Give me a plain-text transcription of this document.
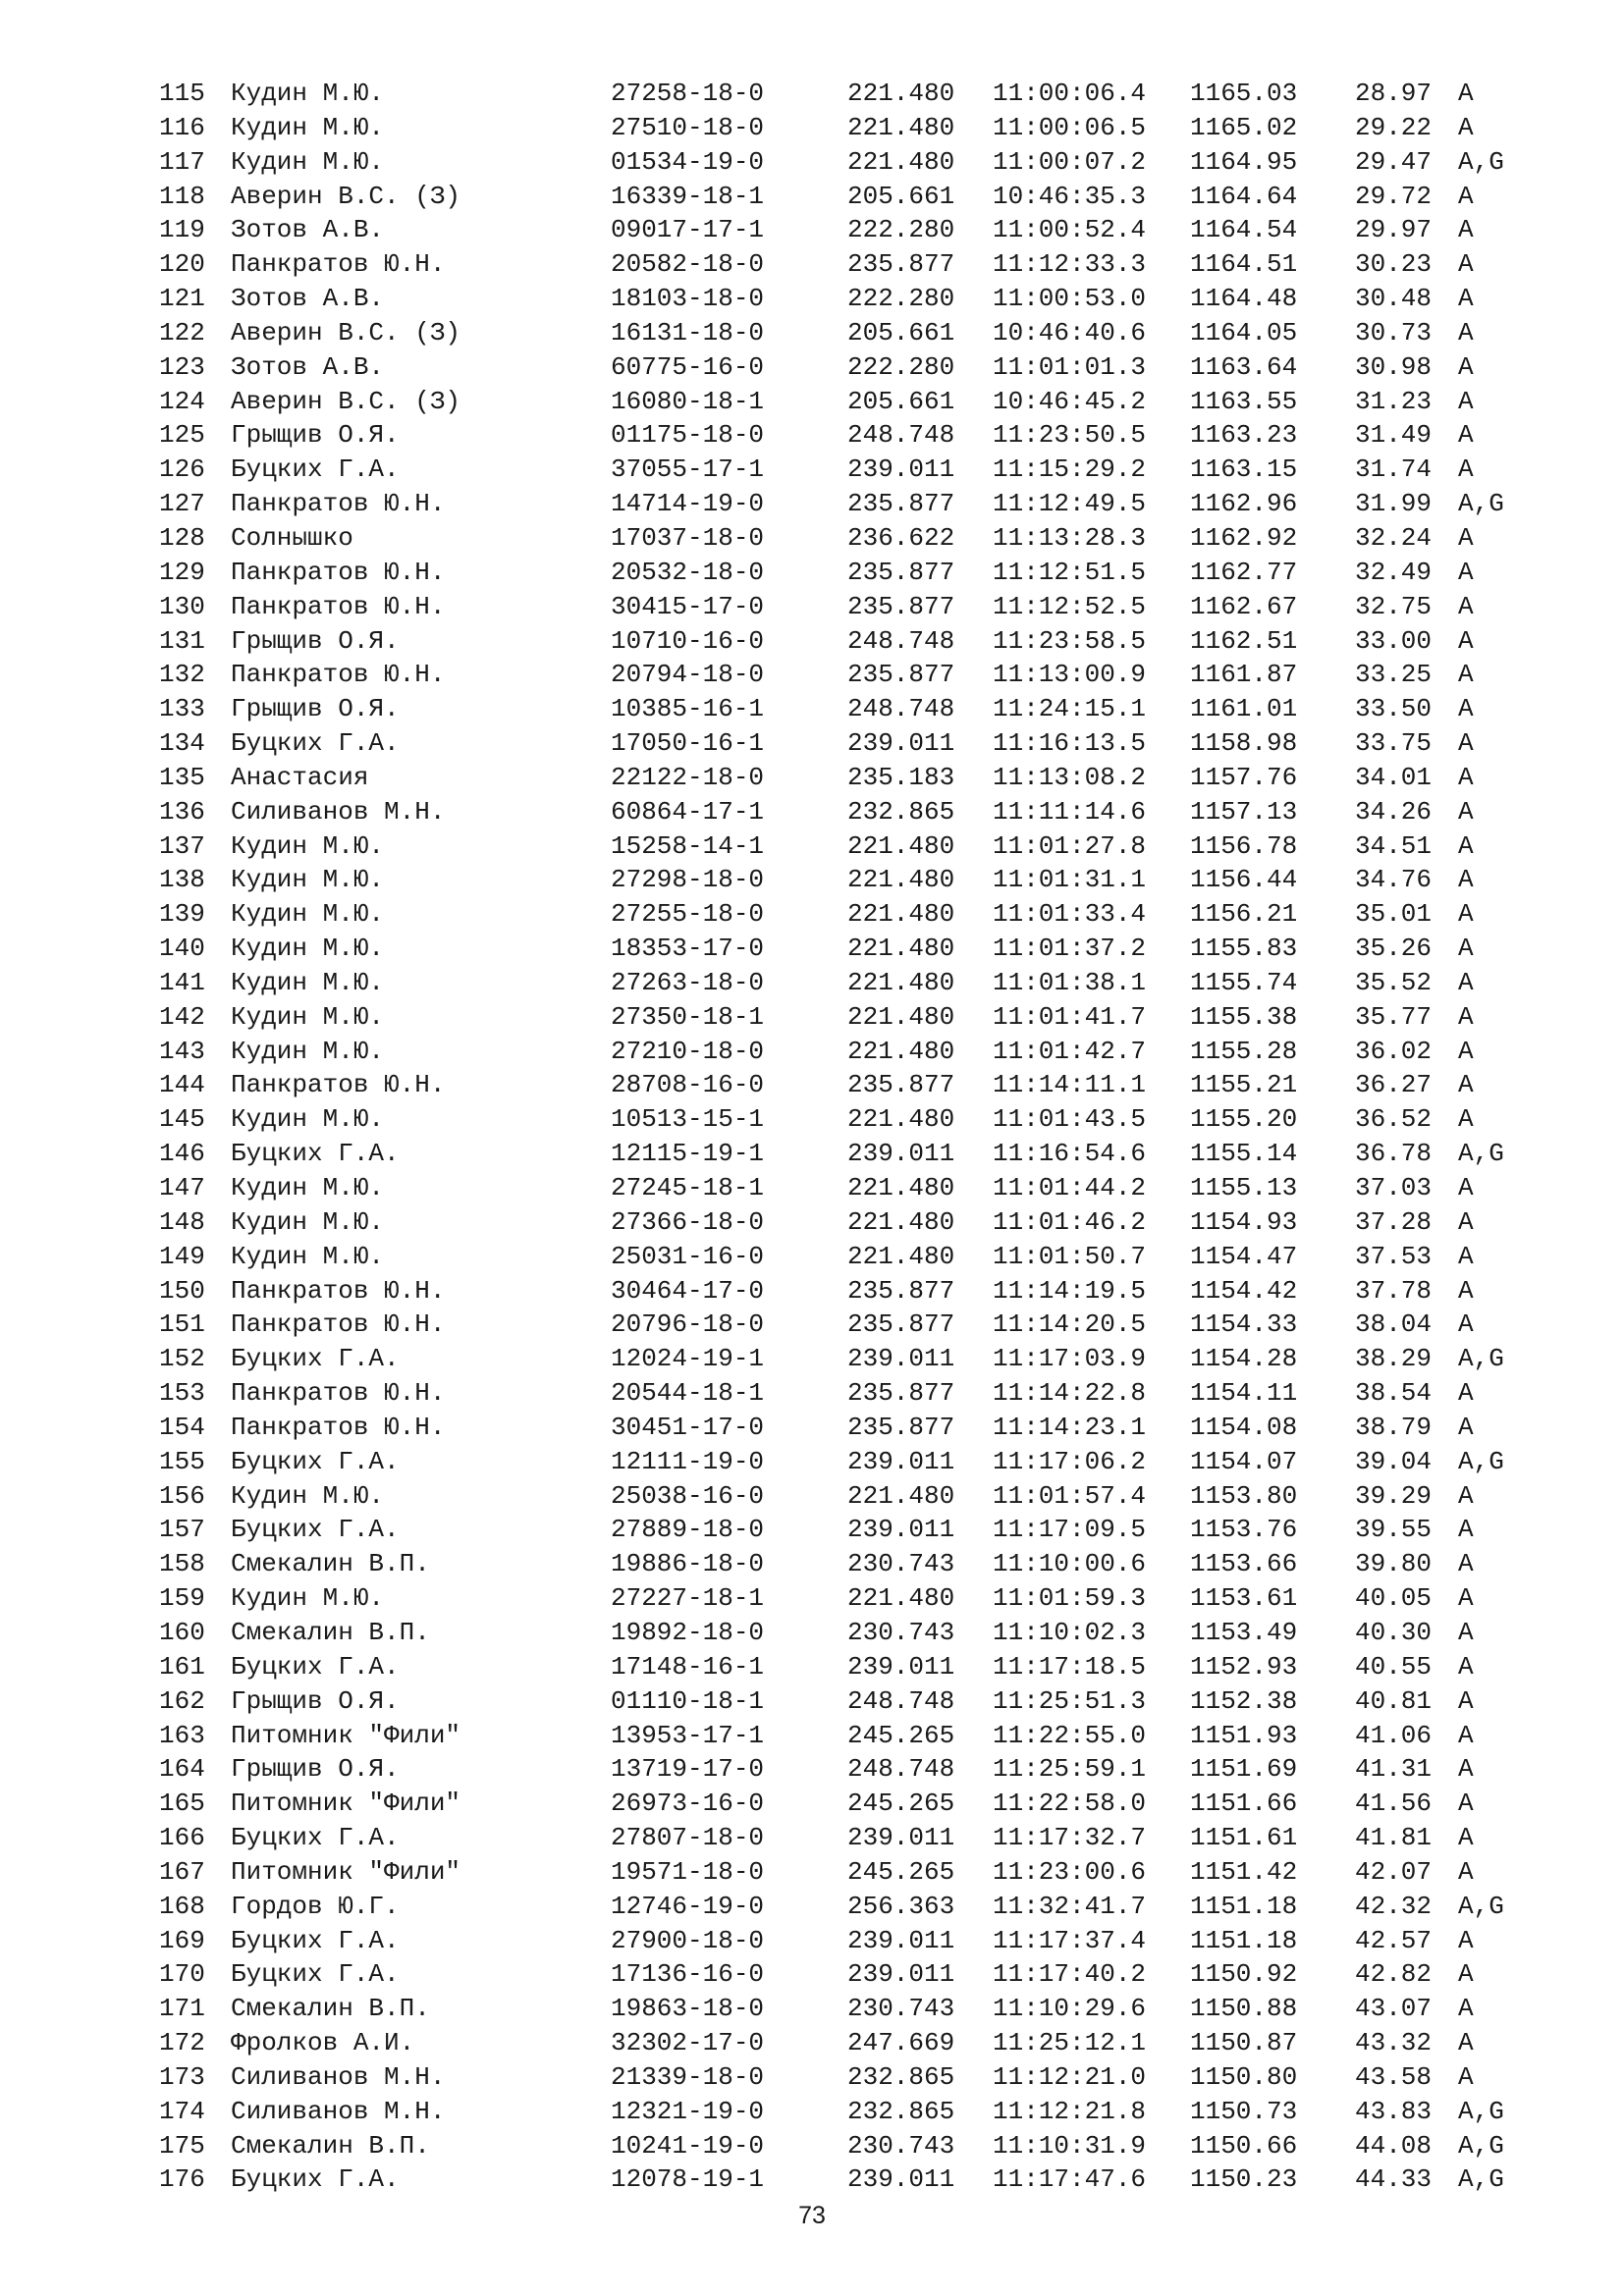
115 Кудин М.Ю.	27258-18-0	221.480 11:00:06.4 1165.03 28.97 A
116 Кудин М.Ю.	27510-18-0	221.480 11:00:06.5 1165.02 29.22 A
117 Кудин М.Ю.	01534-19-0	221.480 11:00:07.2 1164.95 29.47 A,G
118 Аверин В.С. (З)	16339-18-1	205.661 10:46:35.3 1164.64 29.72 A
119 Зотов А.В.	09017-17-1	222.280 11:00:52.4 1164.54 29.97 A
120 Панкратов Ю.Н.	20582-18-0	235.877 11:12:33.3 1164.51 30.23 A
121 Зотов А.В.	18103-18-0	222.280 11:00:53.0 1164.48 30.48 A
122 Аверин В.С. (З)	16131-18-0	205.661 10:46:40.6 1164.05 30.73 A
123 Зотов А.В.	60775-16-0	222.280 11:01:01.3 1163.64 30.98 A
124 Аверин В.С. (З)	16080-18-1	205.661 10:46:45.2 1163.55 31.23 A
125 Грыщив О.Я.	01175-18-0	248.748 11:23:50.5 1163.23 31.49 A
126 Буцких Г.А.	37055-17-1	239.011 11:15:29.2 1163.15 31.74 A
127 Панкратов Ю.Н.	14714-19-0	235.877 11:12:49.5 1162.96 31.99 A,G
128 Солнышко	17037-18-0	236.622 11:13:28.3 1162.92 32.24 A
129 Панкратов Ю.Н.	20532-18-0	235.877 11:12:51.5 1162.77 32.49 A
130 Панкратов Ю.Н.	30415-17-0	235.877 11:12:52.5 1162.67 32.75 A
131 Грыщив О.Я.	10710-16-0	248.748 11:23:58.5 1162.51 33.00 A
132 Панкратов Ю.Н.	20794-18-0	235.877 11:13:00.9 1161.87 33.25 A
133 Грыщив О.Я.	10385-16-1	248.748 11:24:15.1 1161.01 33.50 A
134 Буцких Г.А.	17050-16-1	239.011 11:16:13.5 1158.98 33.75 A
135 Анастасия	22122-18-0	235.183 11:13:08.2 1157.76 34.01 A
136 Силиванов М.Н.	60864-17-1	232.865 11:11:14.6 1157.13 34.26 A
137 Кудин М.Ю.	15258-14-1	221.480 11:01:27.8 1156.78 34.51 A
138 Кудин М.Ю.	27298-18-0	221.480 11:01:31.1 1156.44 34.76 A
139 Кудин М.Ю.	27255-18-0	221.480 11:01:33.4 1156.21 35.01 A
140 Кудин М.Ю.	18353-17-0	221.480 11:01:37.2 1155.83 35.26 A
141 Кудин М.Ю.	27263-18-0	221.480 11:01:38.1 1155.74 35.52 A
142 Кудин М.Ю.	27350-18-1	221.480 11:01:41.7 1155.38 35.77 A
143 Кудин М.Ю.	27210-18-0	221.480 11:01:42.7 1155.28 36.02 A
144 Панкратов Ю.Н.	28708-16-0	235.877 11:14:11.1 1155.21 36.27 A
145 Кудин М.Ю.	10513-15-1	221.480 11:01:43.5 1155.20 36.52 A
146 Буцких Г.А.	12115-19-1	239.011 11:16:54.6 1155.14 36.78 A,G
147 Кудин М.Ю.	27245-18-1	221.480 11:01:44.2 1155.13 37.03 A
148 Кудин М.Ю.	27366-18-0	221.480 11:01:46.2 1154.93 37.28 A
149 Кудин М.Ю.	25031-16-0	221.480 11:01:50.7 1154.47 37.53 A
150 Панкратов Ю.Н.	30464-17-0	235.877 11:14:19.5 1154.42 37.78 A
151 Панкратов Ю.Н.	20796-18-0	235.877 11:14:20.5 1154.33 38.04 A
152 Буцких Г.А.	12024-19-1	239.011 11:17:03.9 1154.28 38.29 A,G
153 Панкратов Ю.Н.	20544-18-1	235.877 11:14:22.8 1154.11 38.54 A
154 Панкратов Ю.Н.	30451-17-0	235.877 11:14:23.1 1154.08 38.79 A
155 Буцких Г.А.	12111-19-0	239.011 11:17:06.2 1154.07 39.04 A,G
156 Кудин М.Ю.	25038-16-0	221.480 11:01:57.4 1153.80 39.29 A
157 Буцких Г.А.	27889-18-0	239.011 11:17:09.5 1153.76 39.55 A
158 Смекалин В.П.	19886-18-0	230.743 11:10:00.6 1153.66 39.80 A
159 Кудин М.Ю.	27227-18-1	221.480 11:01:59.3 1153.61 40.05 A
160 Смекалин В.П.	19892-18-0	230.743 11:10:02.3 1153.49 40.30 A
161 Буцких Г.А.	17148-16-1	239.011 11:17:18.5 1152.93 40.55 A
162 Грыщив О.Я.	01110-18-1	248.748 11:25:51.3 1152.38 40.81 A
163 Питомник "Фили"	13953-17-1	245.265 11:22:55.0 1151.93 41.06 A
164 Грыщив О.Я.	13719-17-0	248.748 11:25:59.1 1151.69 41.31 A
165 Питомник "Фили"	26973-16-0	245.265 11:22:58.0 1151.66 41.56 A
166 Буцких Г.А.	27807-18-0	239.011 11:17:32.7 1151.61 41.81 A
167 Питомник "Фили"	19571-18-0	245.265 11:23:00.6 1151.42 42.07 A
168 Гордов Ю.Г.	12746-19-0	256.363 11:32:41.7 1151.18 42.32 A,G
169 Буцких Г.А.	27900-18-0	239.011 11:17:37.4 1151.18 42.57 A
170 Буцких Г.А.	17136-16-0	239.011 11:17:40.2 1150.92 42.82 A
171 Смекалин В.П.	19863-18-0	230.743 11:10:29.6 1150.88 43.07 A
172 Фролков А.И.	32302-17-0	247.669 11:25:12.1 1150.87 43.32 A
173 Силиванов М.Н.	21339-18-0	232.865 11:12:21.0 1150.80 43.58 A
174 Силиванов М.Н.	12321-19-0	232.865 11:12:21.8 1150.73 43.83 A,G
175 Смекалин В.П.	10241-19-0	230.743 11:10:31.9 1150.66 44.08 A,G
176 Буцких Г.А.	12078-19-1	239.011 11:17:47.6 1150.23 44.33 A,G
73
